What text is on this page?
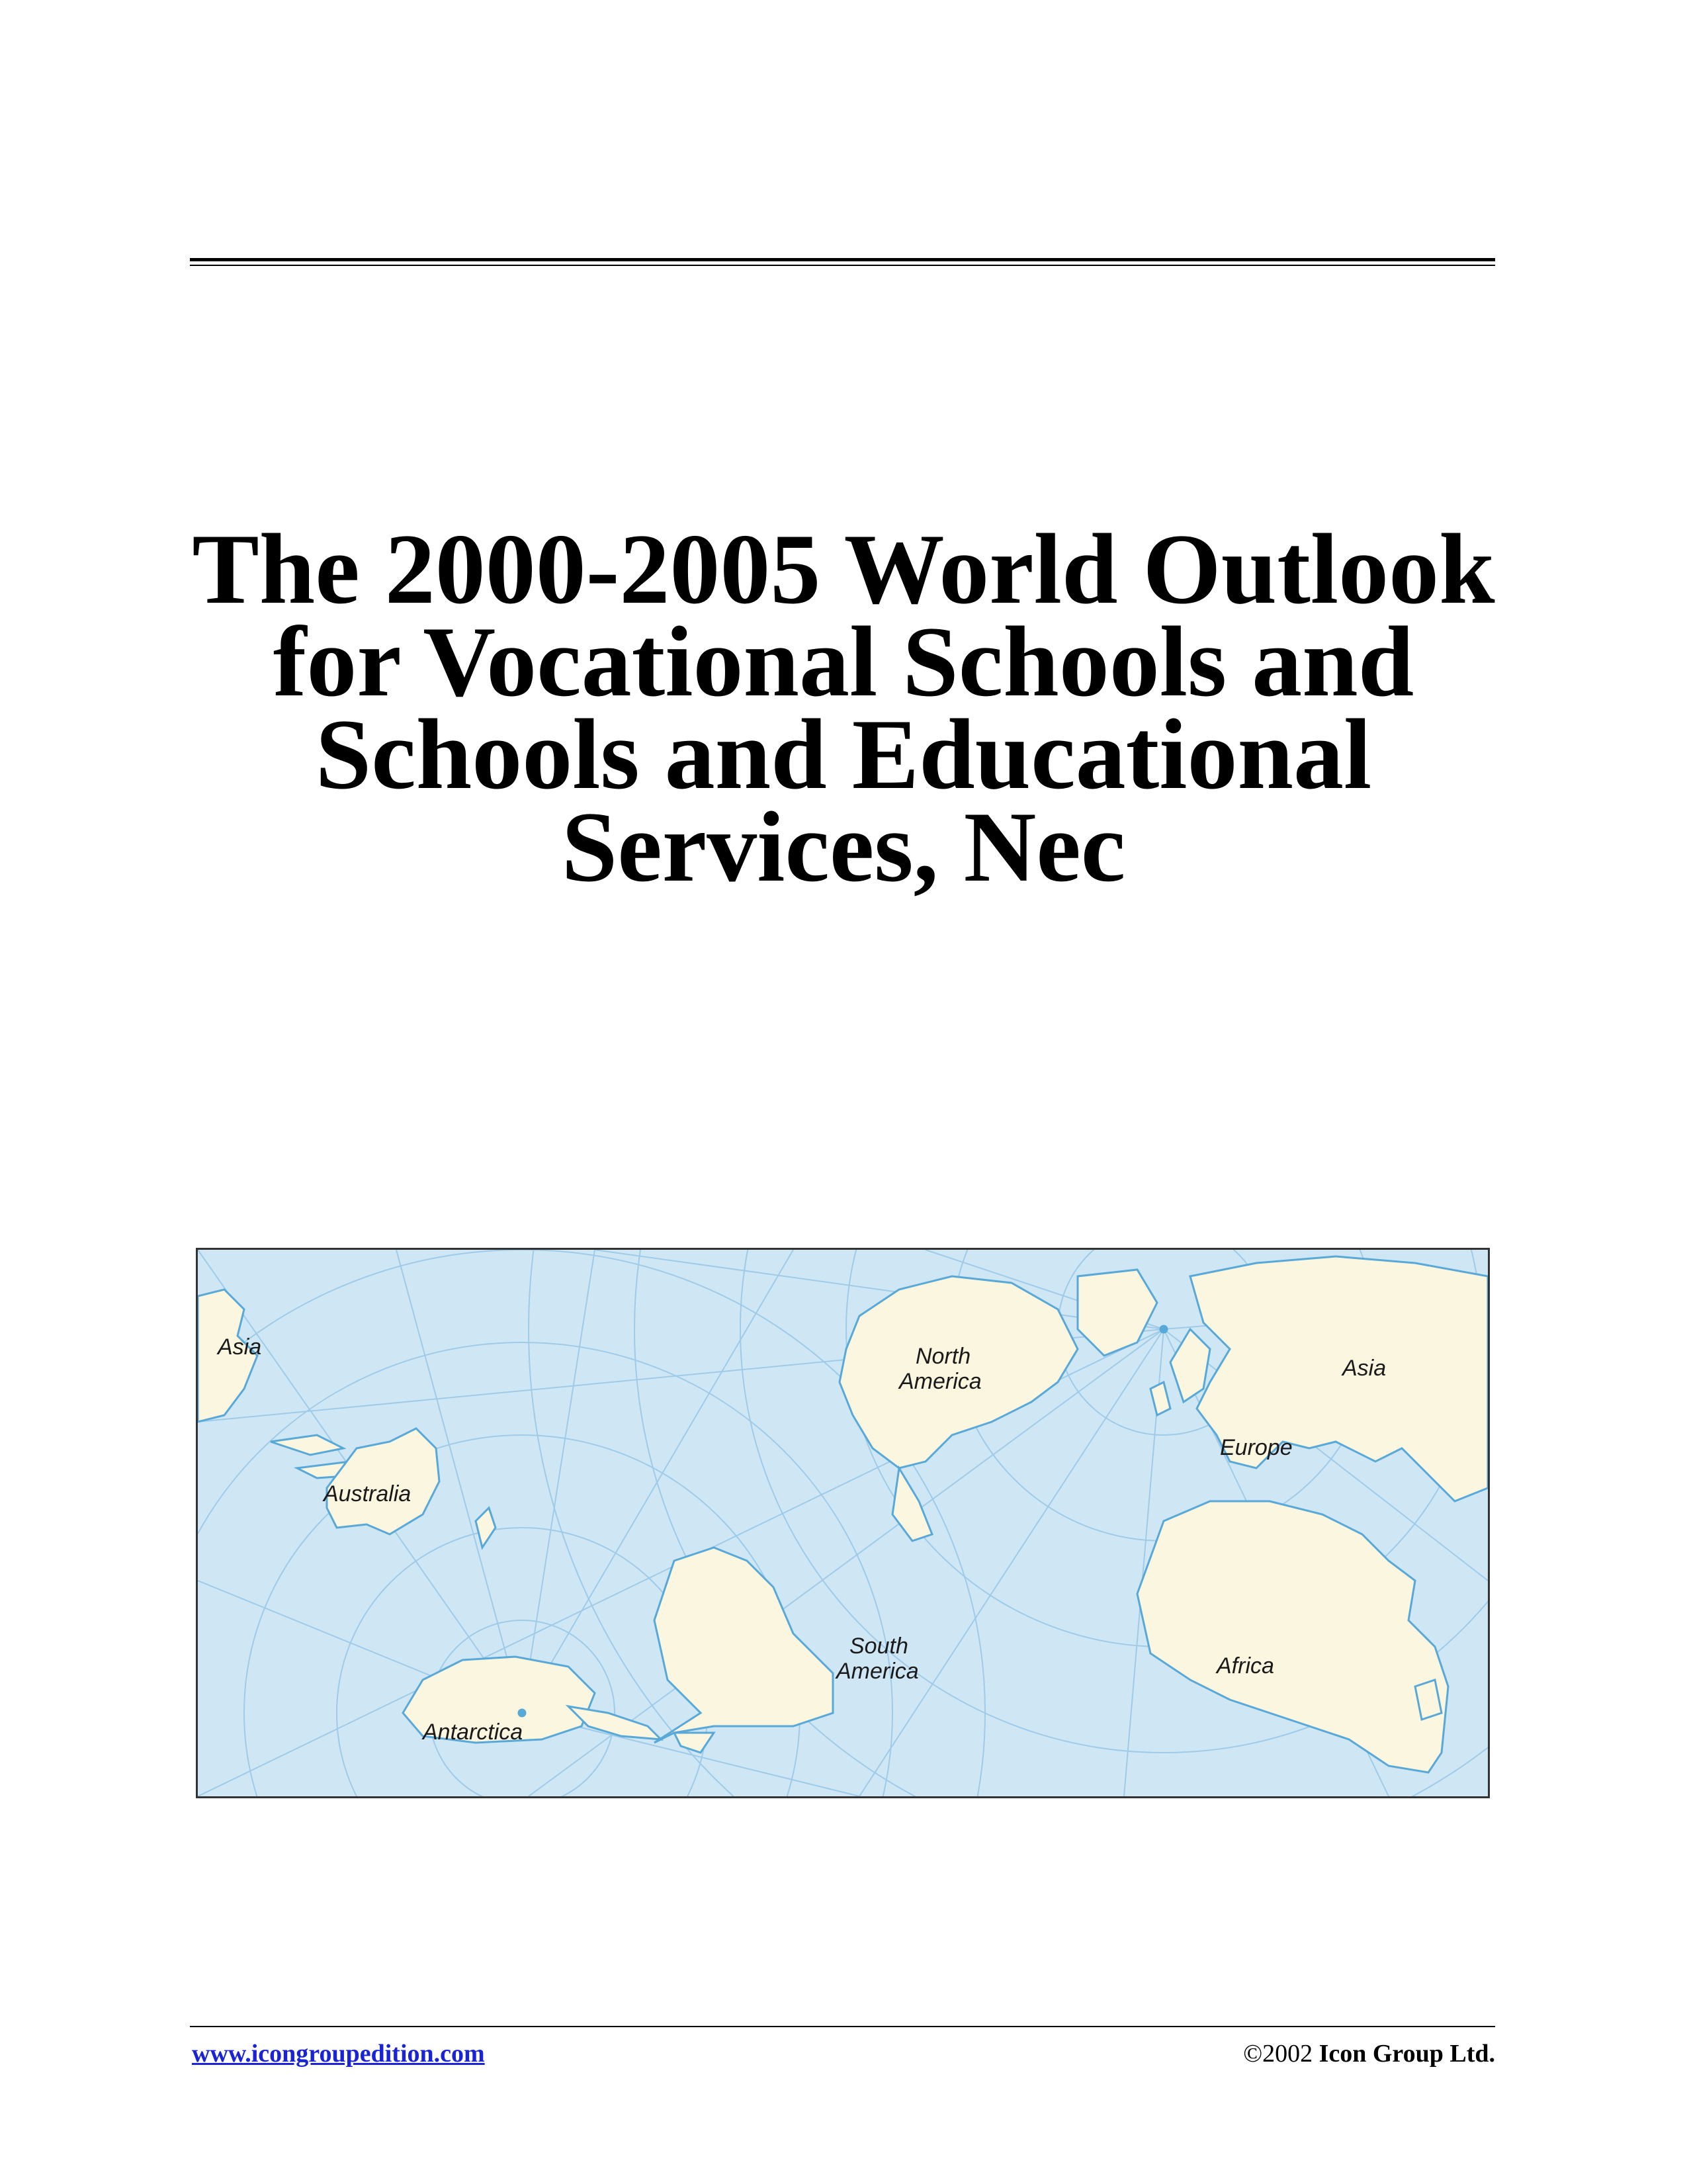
The 2000-2005 World Outlook
for Vocational Schools and
Schools and Educational
Services, Nec
Asia
Australia
Antarctica
North
America
South
America
Europe
Asia
Africa
www.icongroupedition.com	©2002 Icon Group Ltd.
